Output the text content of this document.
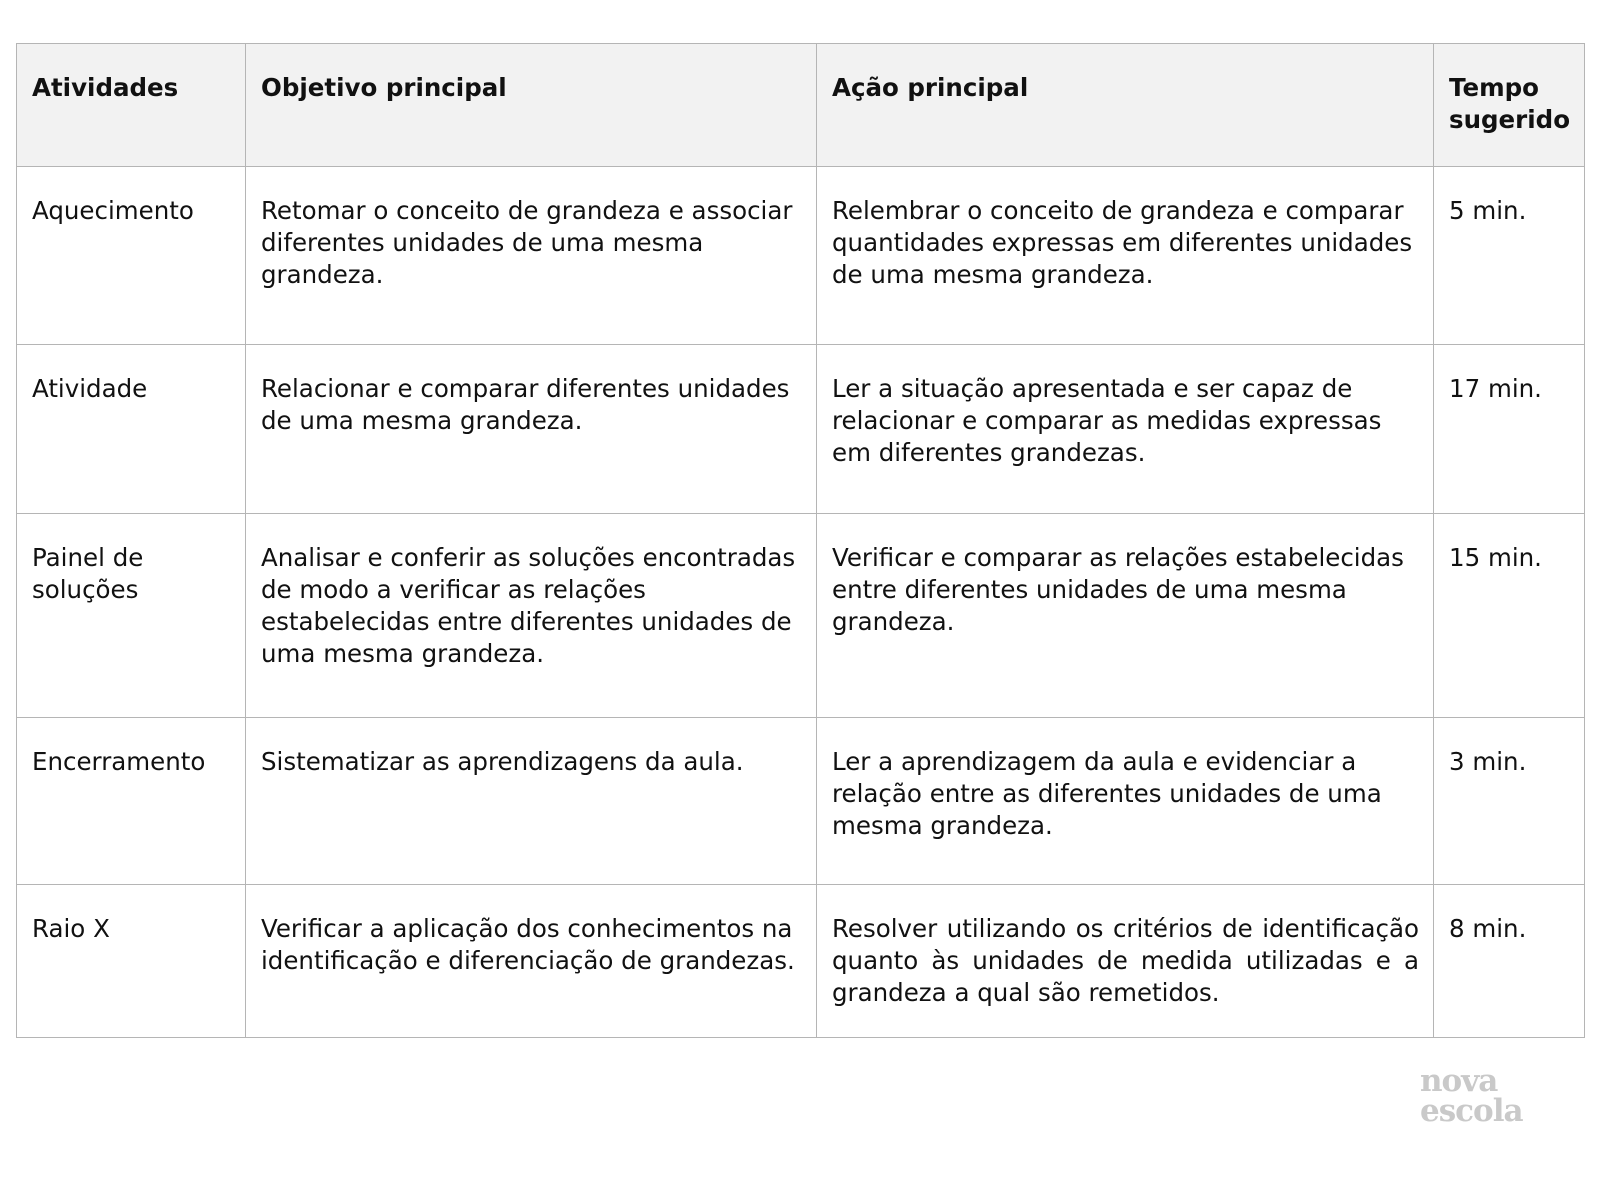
Atividades	Objetivo principal	Ação principal	Tempo sugerido
Aquecimento	Retomar o conceito de grandeza e associar diferentes unidades de uma mesma grandeza.	Relembrar o conceito de grandeza e comparar quantidades expressas em diferentes unidades de uma mesma grandeza.	5 min.
Atividade	Relacionar e comparar diferentes unidades de uma mesma grandeza.	Ler a situação apresentada e ser capaz de relacionar e comparar as medidas expressas em diferentes grandezas.	17 min.
Painel de soluções	Analisar e conferir as soluções encontradas de modo a verificar as relações estabelecidas entre diferentes unidades de uma mesma grandeza.	Verificar e comparar as relações estabelecidas entre diferentes unidades de uma mesma grandeza.	15 min.
Encerramento	Sistematizar as aprendizagens da aula.	Ler a aprendizagem da aula e evidenciar a relação entre as diferentes unidades de uma mesma grandeza.	3 min.
Raio X	Verificar a aplicação dos conhecimentos na identificação e diferenciação de grandezas.	Resolver utilizando os critérios de identificação quanto às unidades de medida utilizadas e a grandeza a qual são remetidos.	8 min.
nova
escola
